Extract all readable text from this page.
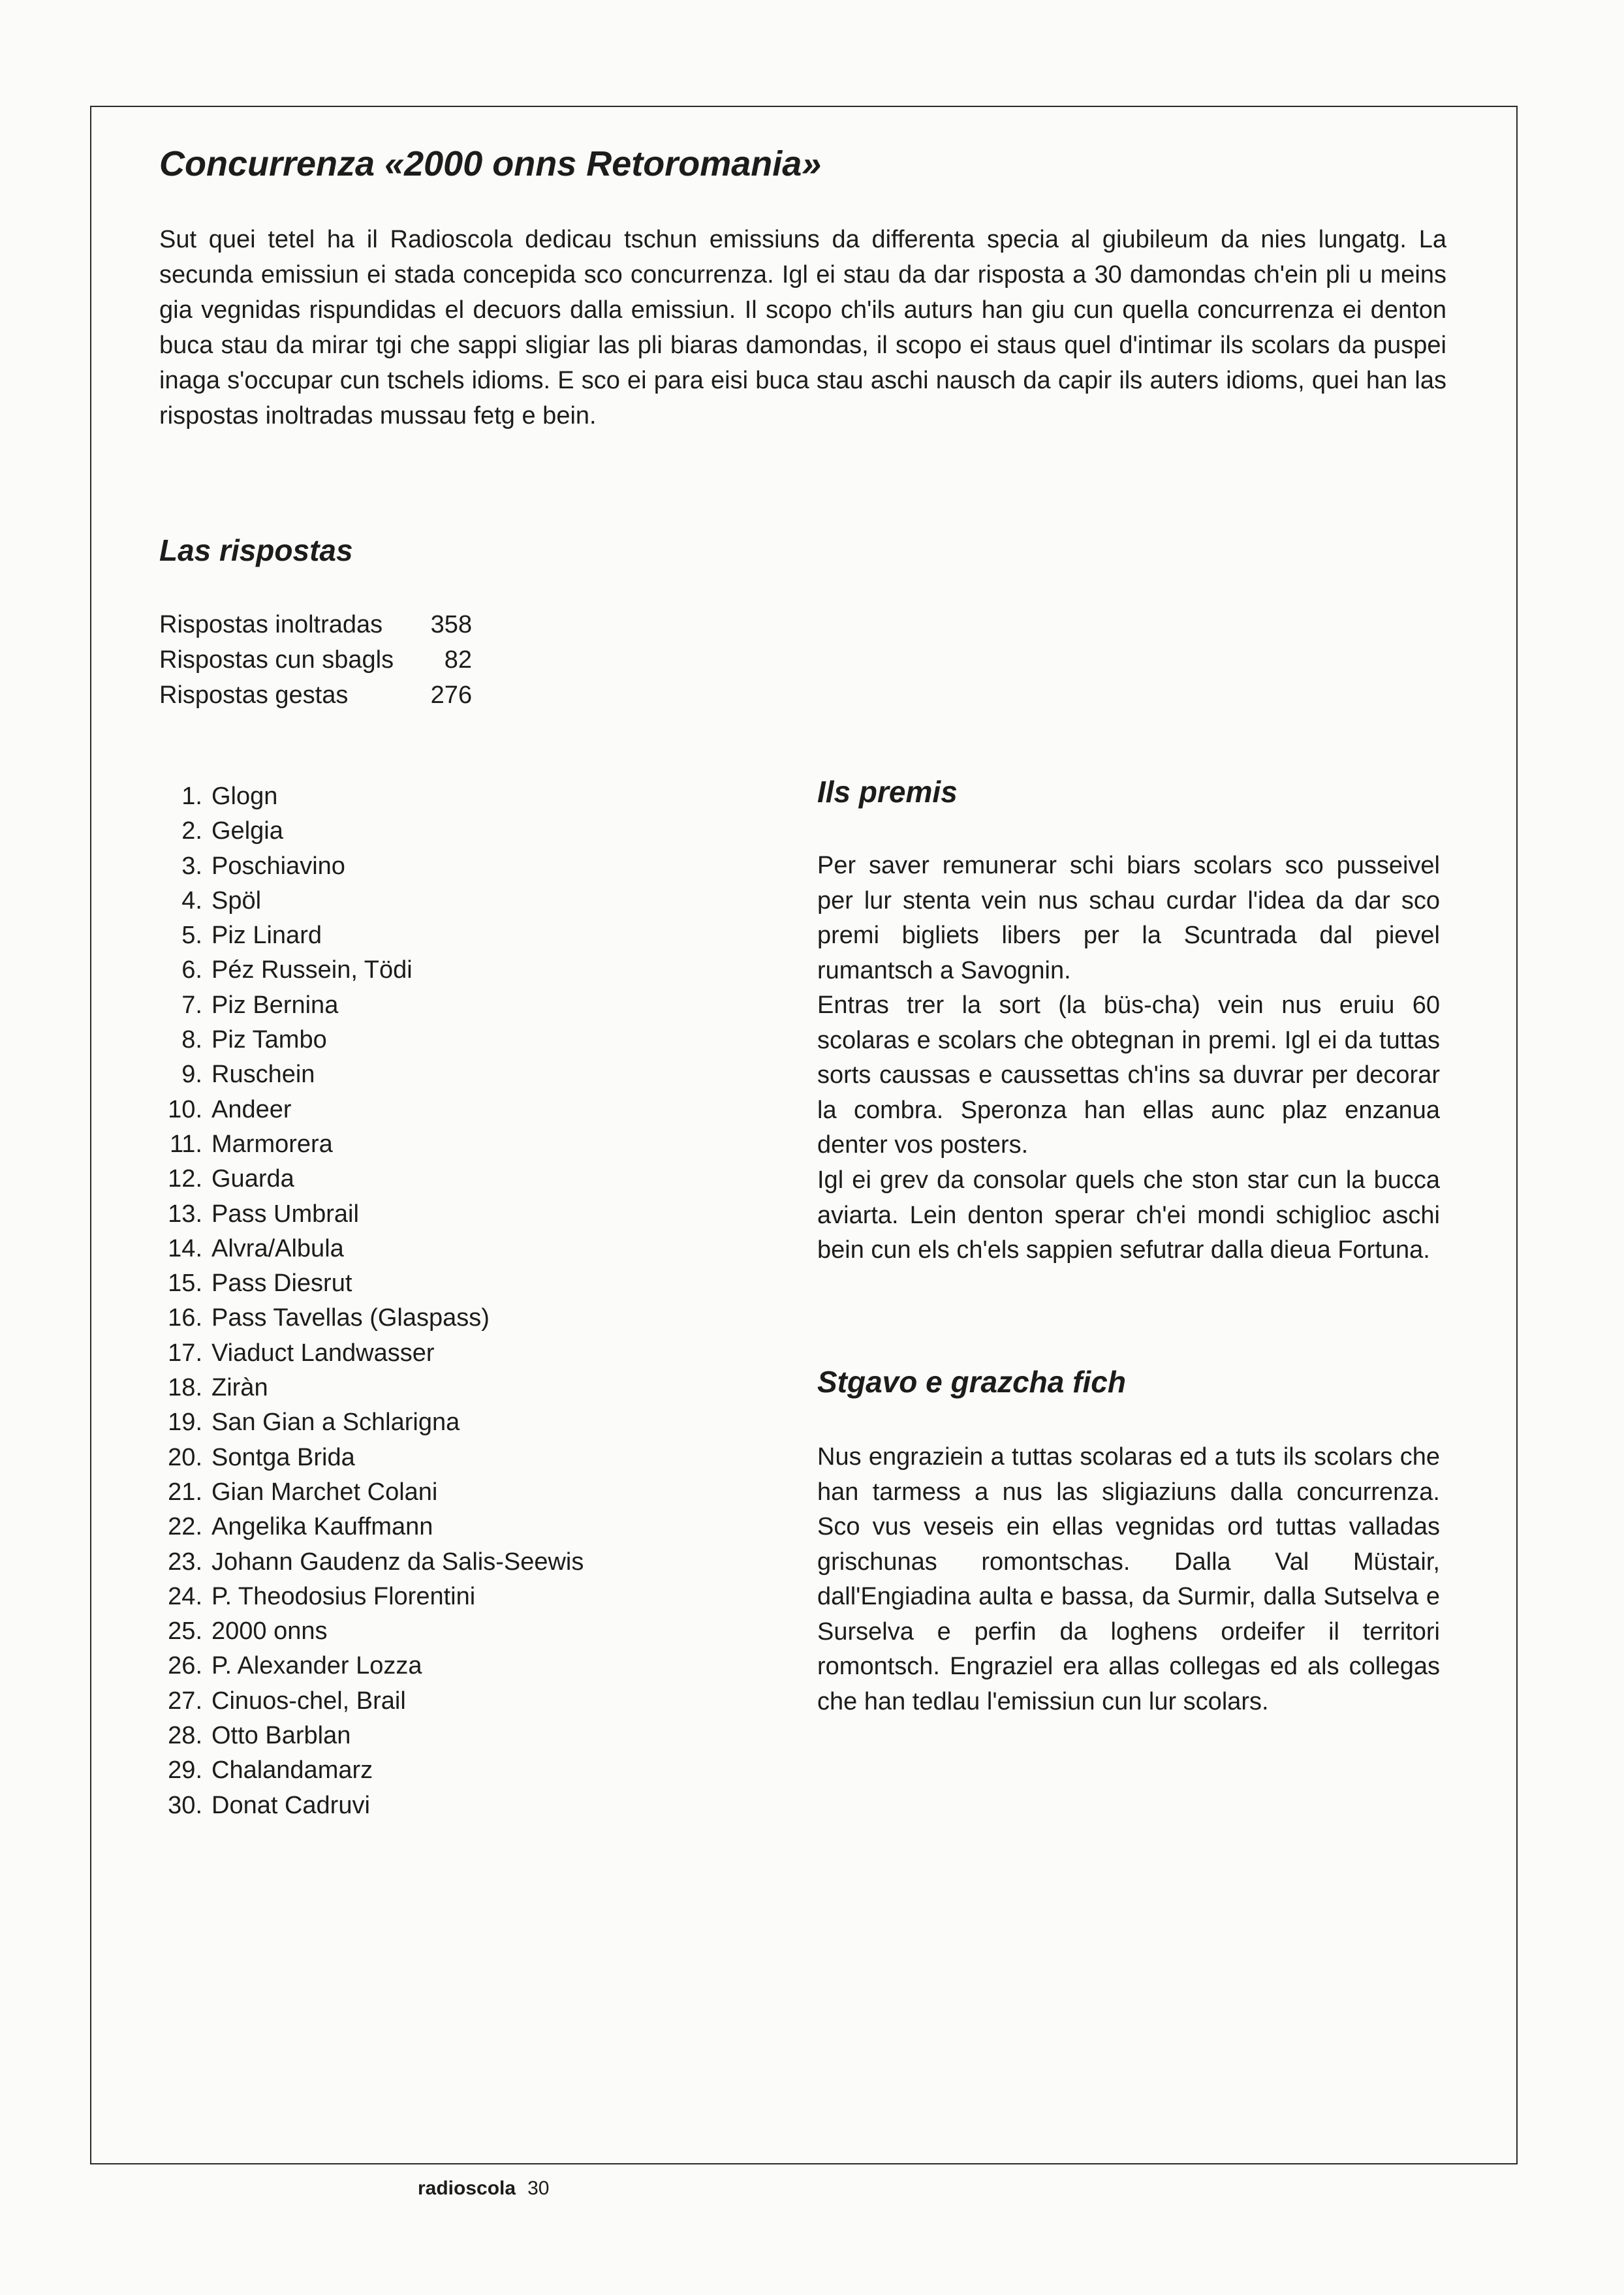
Concurrenza «2000 onns Retoromania»

Sut quei tetel ha il Radioscola dedicau tschun emissiuns da differenta specia al giubileum da nies lungatg. La secunda emissiun ei stada concepida sco concurrenza. Igl ei stau da dar risposta a 30 damondas ch'ein pli u meins gia vegnidas rispundidas el decuors dalla emissiun. Il scopo ch'ils auturs han giu cun quella concurrenza ei denton buca stau da mirar tgi che sappi sligiar las pli biaras damondas, il scopo ei staus quel d'intimar ils scolars da puspei inaga s'occupar cun tschels idioms. E sco ei para eisi buca stau aschi nausch da capir ils auters idioms, quei han las rispostas inoltradas mussau fetg e bein.

Las rispostas
Rispostas inoltradas	358
Rispostas cun sbagls	82
Rispostas gestas	276
1. Glogn
2. Gelgia
3. Poschiavino
4. Spöl
5. Piz Linard
6. Péz Russein, Tödi
7. Piz Bernina
8. Piz Tambo
9. Ruschein
10. Andeer
11. Marmorera
12. Guarda
13. Pass Umbrail
14. Alvra/Albula
15. Pass Diesrut
16. Pass Tavellas (Glaspass)
17. Viaduct Landwasser
18. Ziràn
19. San Gian a Schlarigna
20. Sontga Brida
21. Gian Marchet Colani
22. Angelika Kauffmann
23. Johann Gaudenz da Salis-Seewis
24. P. Theodosius Florentini
25. 2000 onns
26. P. Alexander Lozza
27. Cinuos-chel, Brail
28. Otto Barblan
29. Chalandamarz
30. Donat Cadruvi
Ils premis

Per saver remunerar schi biars scolars sco pusseivel per lur stenta vein nus schau curdar l'idea da dar sco premi bigliets libers per la Scuntrada dal pievel rumantsch a Savognin.

Entras trer la sort (la büs-cha) vein nus eruiu 60 scolaras e scolars che obtegnan in premi. Igl ei da tuttas sorts caussas e caussettas ch'ins sa duvrar per decorar la combra. Speronza han ellas aunc plaz enzanua denter vos posters.

Igl ei grev da consolar quels che ston star cun la bucca aviarta. Lein denton sperar ch'ei mondi schiglioc aschi bein cun els ch'els sappien sefutrar dalla dieua Fortuna.

Stgavo e grazcha fich

Nus engraziein a tuttas scolaras ed a tuts ils scolars che han tarmess a nus las sligiaziuns dalla concurrenza. Sco vus veseis ein ellas vegnidas ord tuttas valladas grischunas romontschas. Dalla Val Müstair, dall'Engiadina aulta e bassa, da Surmir, dalla Sutselva e Surselva e perfin da loghens ordeifer il territori romontsch. Engraziel era allas collegas ed als collegas che han tedlau l'emissiun cun lur scolars.

radioscola 30
